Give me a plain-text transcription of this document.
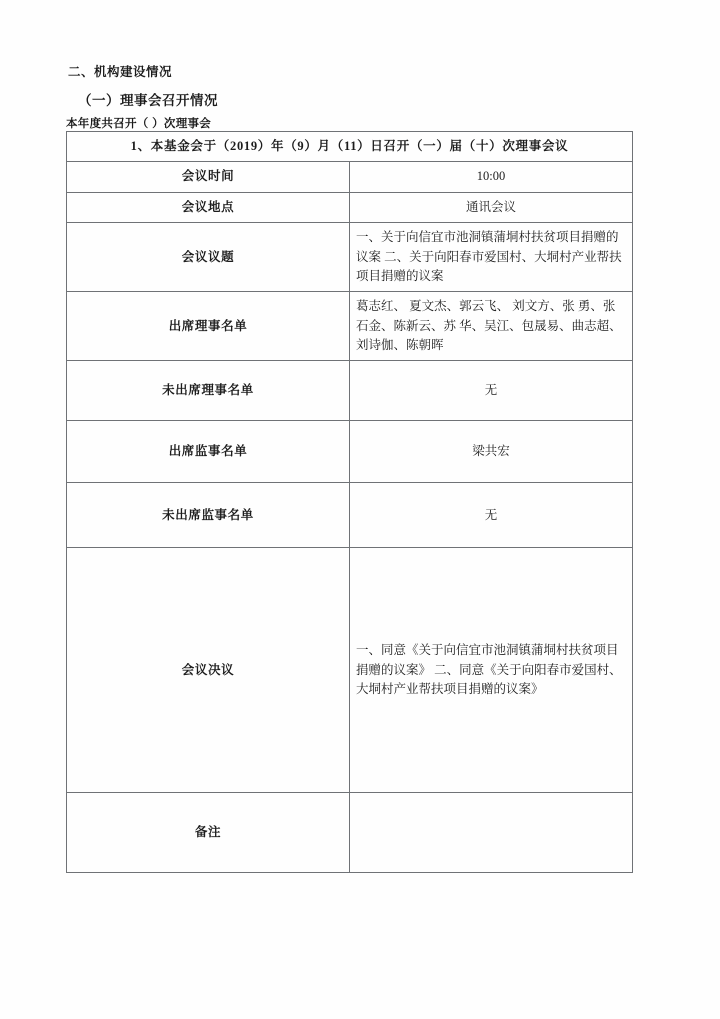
二、机构建设情况
（一）理事会召开情况
本年度共召开（ ）次理事会
1、本基金会于（2019）年（9）月（11）日召开（一）届（十）次理事会议	
会议时间	10:00
会议地点	通讯会议
会议议题	一、关于向信宜市池洞镇蒲垌村扶贫项目捐赠的议案 二、关于向阳春市爱国村、大垌村产业帮扶项目捐赠的议案
出席理事名单	葛志红、 夏文杰、郭云飞、 刘文方、张 勇、张石金、陈新云、苏 华、吴江、包晟易、曲志超、刘诗伽、陈朝晖
未出席理事名单	无
出席监事名单	梁共宏
未出席监事名单	无
会议决议	一、同意《关于向信宜市池洞镇蒲垌村扶贫项目捐赠的议案》 二、同意《关于向阳春市爱国村、大垌村产业帮扶项目捐赠的议案》
备注	
